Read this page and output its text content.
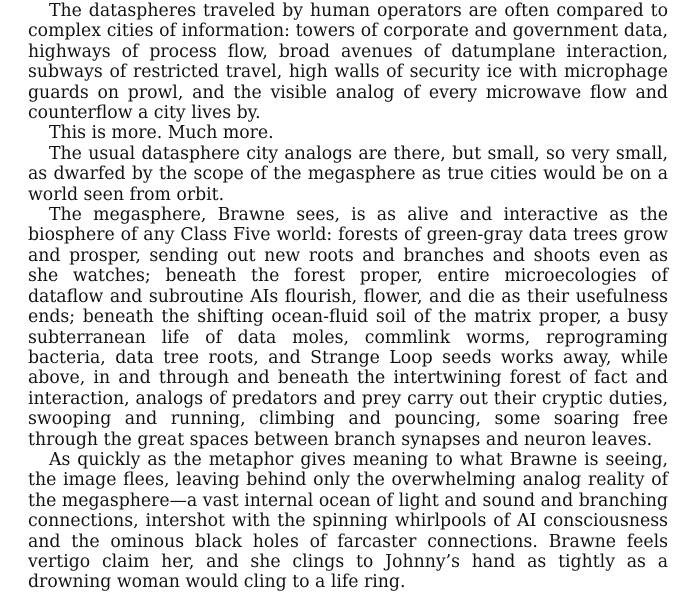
The dataspheres traveled by human operators are often compared to complex cities of information: towers of corporate and government data, highways of process flow, broad avenues of datumplane interaction, subways of restricted travel, high walls of security ice with microphage guards on prowl, and the visible analog of every microwave flow and counterflow a city lives by.

This is more. Much more.

The usual datasphere city analogs are there, but small, so very small, as dwarfed by the scope of the megasphere as true cities would be on a world seen from orbit.

The megasphere, Brawne sees, is as alive and interactive as the biosphere of any Class Five world: forests of green-gray data trees grow and prosper, sending out new roots and branches and shoots even as she watches; beneath the forest proper, entire microecologies of dataflow and subroutine AIs flourish, flower, and die as their usefulness ends; beneath the shifting ocean-fluid soil of the matrix proper, a busy subterranean life of data moles, commlink worms, reprograming bacteria, data tree roots, and Strange Loop seeds works away, while above, in and through and beneath the intertwining forest of fact and interaction, analogs of predators and prey carry out their cryptic duties, swooping and running, climbing and pouncing, some soaring free through the great spaces between branch synapses and neuron leaves.

As quickly as the metaphor gives meaning to what Brawne is seeing, the image flees, leaving behind only the overwhelming analog reality of the megasphere—a vast internal ocean of light and sound and branching connections, intershot with the spinning whirlpools of AI consciousness and the ominous black holes of farcaster connections. Brawne feels vertigo claim her, and she clings to Johnny’s hand as tightly as a drowning woman would cling to a life ring.
